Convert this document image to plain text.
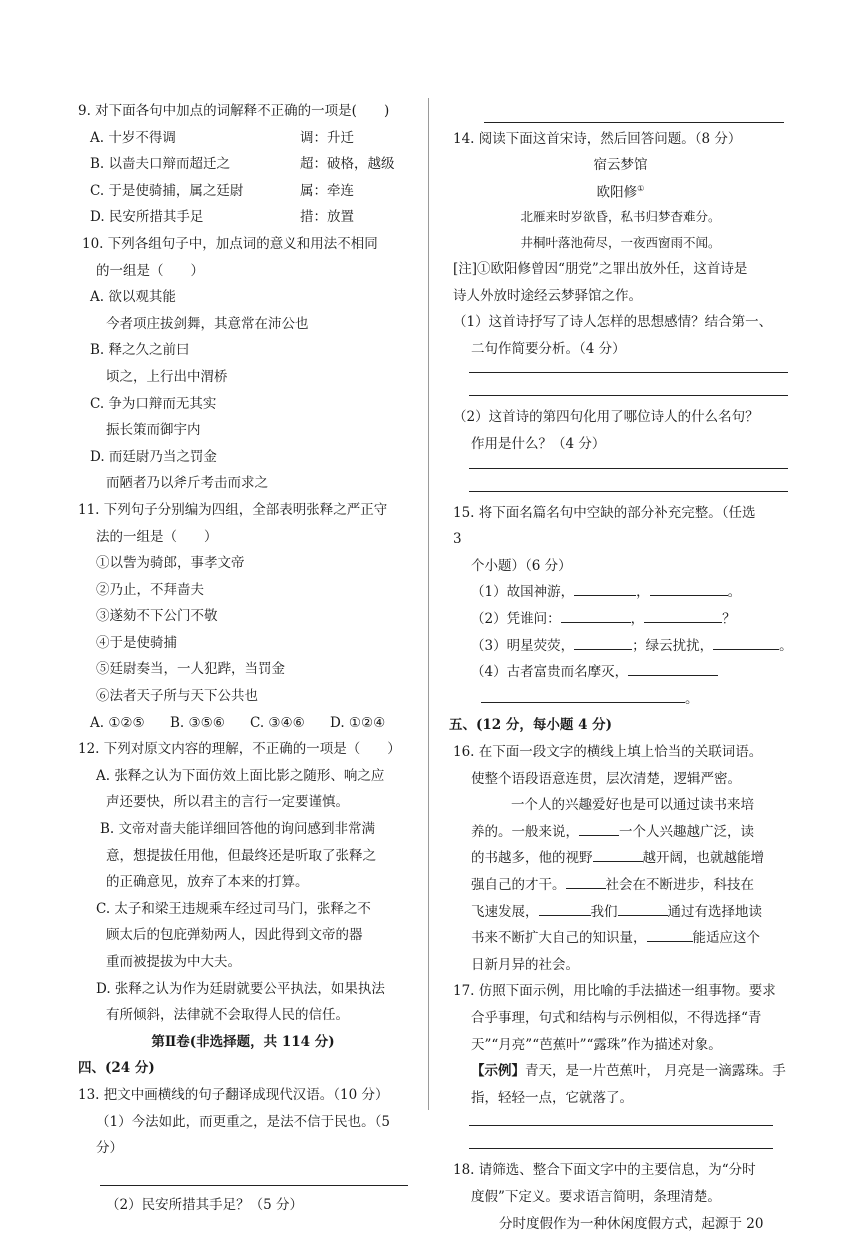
9. 对下面各句中加点的词解释不正确的一项是(　　)
A. 十岁不得调	调：升迁
B. 以啬夫口辩而超迁之	超：破格，越级
C. 于是使骑捕，属之廷尉	属：牵连
D. 民安所措其手足	措：放置
10. 下列各组句子中，加点词的意义和用法不相同
的一组是（　　）
A. 欲以观其能
今者项庄拔剑舞，其意常在沛公也
B. 释之久之前曰
顷之，上行出中渭桥
C. 争为口辩而无其实
振长策而御宇内
D. 而廷尉乃当之罚金
而陋者乃以斧斤考击而求之
11. 下列句子分别编为四组，全部表明张释之严正守
法的一组是（　　）
①以訾为骑郎，事孝文帝
②乃止，不拜啬夫
③遂劾不下公门不敬
④于是使骑捕
⑤廷尉奏当，一人犯跸，当罚金
⑥法者天子所与天下公共也
A. ①②⑤ B. ③⑤⑥ C. ③④⑥ D. ①②④
12. 下列对原文内容的理解，不正确的一项是（　　）
A. 张释之认为下面仿效上面比影之随形、响之应
声还要快，所以君主的言行一定要谨慎。
B. 文帝对啬夫能详细回答他的询问感到非常满
意，想提拔任用他，但最终还是听取了张释之
的正确意见，放弃了本来的打算。
C. 太子和梁王违规乘车经过司马门，张释之不
顾太后的包庇弹劾两人，因此得到文帝的器
重而被提拔为中大夫。
D. 张释之认为作为廷尉就要公平执法，如果执法
有所倾斜，法律就不会取得人民的信任。
第Ⅱ卷(非选择题，共 114 分)
四、(24 分)
13. 把文中画横线的句子翻译成现代汉语。（10 分）
（1）今法如此，而更重之，是法不信于民也。（5
分）
（2）民安所措其手足？（5 分）
14. 阅读下面这首宋诗，然后回答问题。（8 分）
宿云梦馆
欧阳修①
北雁来时岁欲昏，私书归梦杳难分。
井桐叶落池荷尽，一夜西窗雨不闻。
[注]①欧阳修曾因“朋党”之罪出放外任，这首诗是
诗人外放时途经云梦驿馆之作。
（1）这首诗抒写了诗人怎样的思想感情？结合第一、
二句作简要分析。（4 分）
（2）这首诗的第四句化用了哪位诗人的什么名句？
作用是什么？（4 分）
15. 将下面名篇名句中空缺的部分补充完整。（任选
3
个小题）（6 分）
（1）故国神游，	，	。
（2）凭谁问：	，	？
（3）明星荧荧，	；绿云扰扰，	。
（4）古者富贵而名摩灭，
。
五、(12 分，每小题 4 分)
16. 在下面一段文字的横线上填上恰当的关联词语。
使整个语段语意连贯，层次清楚，逻辑严密。
一个人的兴趣爱好也是可以通过读书来培
养的。一般来说，	一个人兴趣越广泛，读
的书越多，他的视野	越开阔，也就越能增
强自己的才干。	社会在不断进步，科技在
飞速发展，	我们	通过有选择地读
书来不断扩大自己的知识量，	能适应这个
日新月异的社会。
17. 仿照下面示例，用比喻的手法描述一组事物。要求
合乎事理，句式和结构与示例相似，不得选择“青
天”“月亮”“芭蕉叶”“露珠”作为描述对象。
【示例】青天，是一片芭蕉叶， 月亮是一滴露珠。手
指，轻轻一点，它就落了。
18. 请筛选、整合下面文字中的主要信息，为“分时
度假”下定义。要求语言简明，条理清楚。
分时度假作为一种休闲度假方式，起源于 20
